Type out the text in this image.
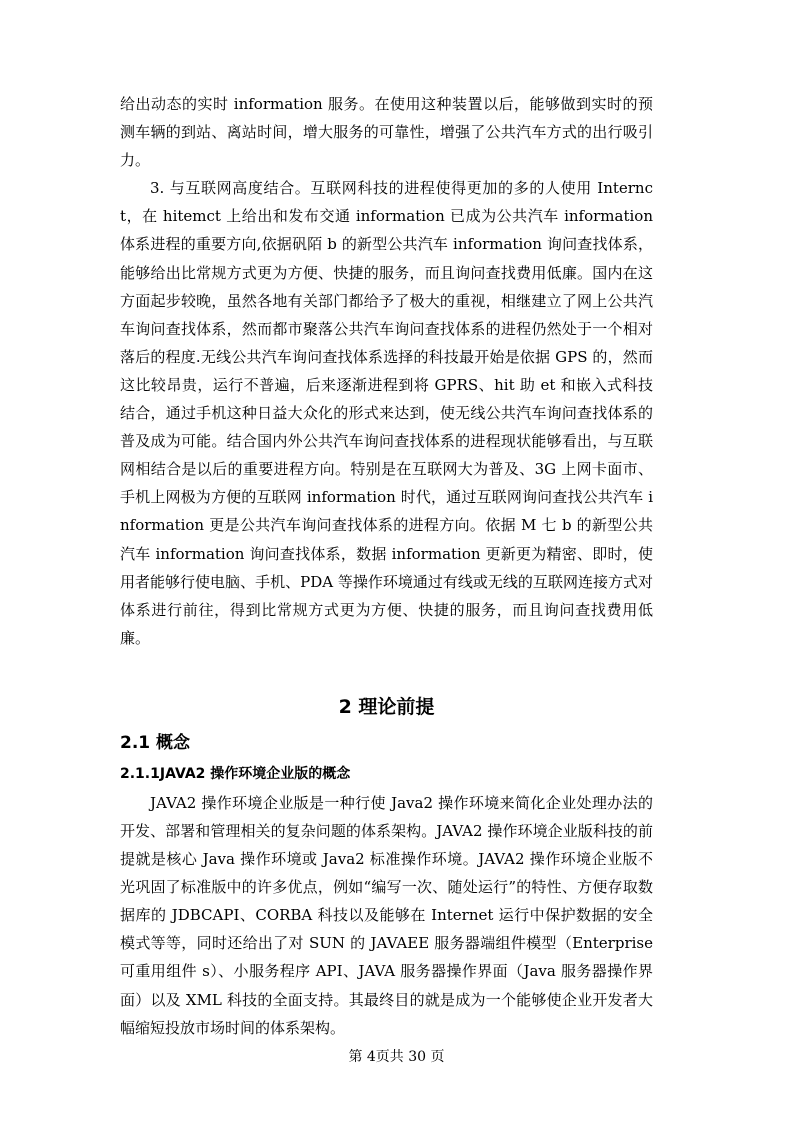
给出动态的实时 information 服务。在使用这种装置以后，能够做到实时的预测车辆的到站、离站时间，增大服务的可靠性，增强了公共汽车方式的出行吸引力。

3. 与互联网高度结合。互联网科技的进程使得更加的多的人使用 Internct，在 hitemct 上给出和发布交通 information 已成为公共汽车 information 体系进程的重要方向,依据矾陌 b 的新型公共汽车 information 询问查找体系，能够给出比常规方式更为方便、快捷的服务，而且询问查找费用低廉。国内在这方面起步较晚，虽然各地有关部门都给予了极大的重视，相继建立了网上公共汽车询问查找体系，然而都市聚落公共汽车询问查找体系的进程仍然处于一个相对落后的程度.无线公共汽车询问查找体系选择的科技最开始是依据 GPS 的，然而这比较昂贵，运行不普遍，后来逐渐进程到将 GPRS、hit 助 et 和嵌入式科技结合，通过手机这种日益大众化的形式来达到，使无线公共汽车询问查找体系的普及成为可能。结合国内外公共汽车询问查找体系的进程现状能够看出，与互联网相结合是以后的重要进程方向。特别是在互联网大为普及、3G 上网卡面市、手机上网极为方便的互联网 information 时代，通过互联网询问查找公共汽车 information 更是公共汽车询问查找体系的进程方向。依据 M 七 b 的新型公共汽车 information 询问查找体系，数据 information 更新更为精密、即时，使用者能够行使电脑、手机、PDA 等操作环境通过有线或无线的互联网连接方式对体系进行前往，得到比常规方式更为方便、快捷的服务，而且询问查找费用低廉。

2 理论前提
2.1 概念
2.1.1JAVA2 操作环境企业版的概念

JAVA2 操作环境企业版是一种行使 Java2 操作环境来简化企业处理办法的开发、部署和管理相关的复杂问题的体系架构。JAVA2 操作环境企业版科技的前提就是核心 Java 操作环境或 Java2 标准操作环境。JAVA2 操作环境企业版不光巩固了标准版中的许多优点，例如“编写一次、随处运行”的特性、方便存取数据库的 JDBCAPI、CORBA 科技以及能够在 Internet 运行中保护数据的安全模式等等，同时还给出了对 SUN 的 JAVAEE 服务器端组件模型（Enterprise 可重用组件 s）、小服务程序 API、JAVA 服务器操作界面（Java 服务器操作界面）以及 XML 科技的全面支持。其最终目的就是成为一个能够使企业开发者大幅缩短投放市场时间的体系架构。

第 4页共 30 页
